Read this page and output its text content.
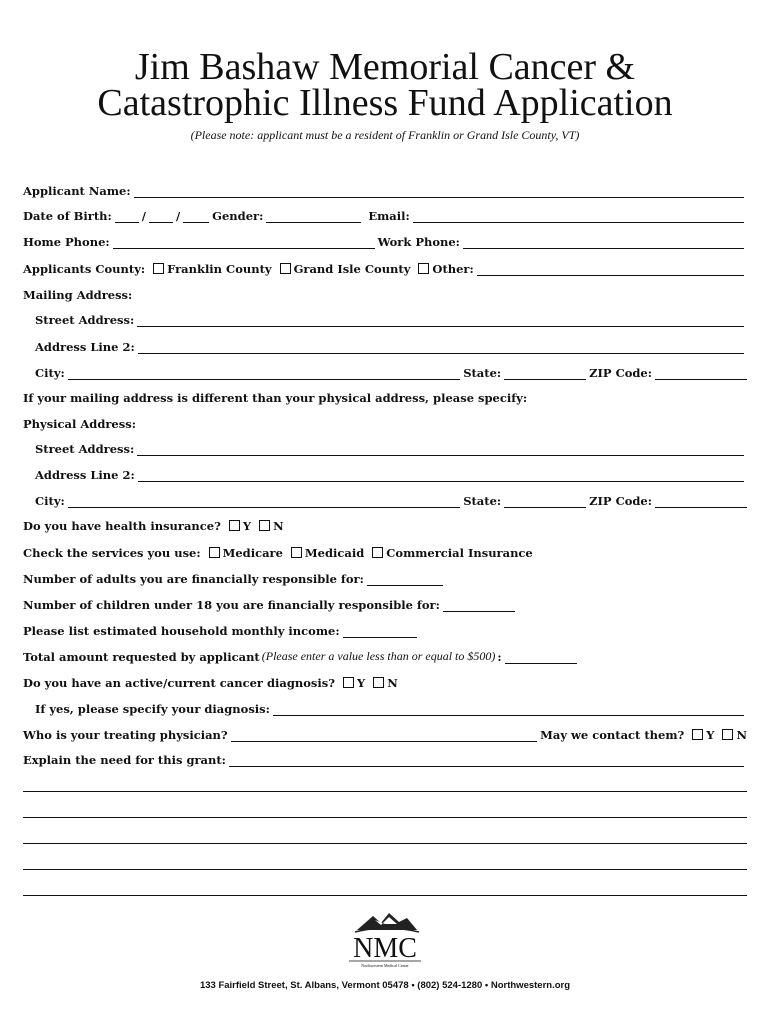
Jim Bashaw Memorial Cancer &
Catastrophic Illness Fund Application
(Please note: applicant must be a resident of Franklin or Grand Isle County, VT)
Applicant Name:
Date of Birth:	/	/	Gender:	Email:
Home Phone:	Work Phone:
Applicants County: Franklin County Grand Isle County Other:
Mailing Address:
Street Address:
Address Line 2:
City:	State:	ZIP Code:
If your mailing address is different than your physical address, please specify:
Physical Address:
Street Address:
Address Line 2:
City:	State:	ZIP Code:
Do you have health insurance? Y N
Check the services you use: Medicare Medicaid Commercial Insurance
Number of adults you are financially responsible for:
Number of children under 18 you are financially responsible for:
Please list estimated household monthly income:
Total amount requested by applicant (Please enter a value less than or equal to $500) :
Do you have an active/current cancer diagnosis? Y N
If yes, please specify your diagnosis:
Who is your treating physician?	May we contact them? Y N
Explain the need for this grant:
NMC
Northwestern Medical Center
133 Fairfield Street, St. Albans, Vermont 05478 • (802) 524-1280 • Northwestern.org
